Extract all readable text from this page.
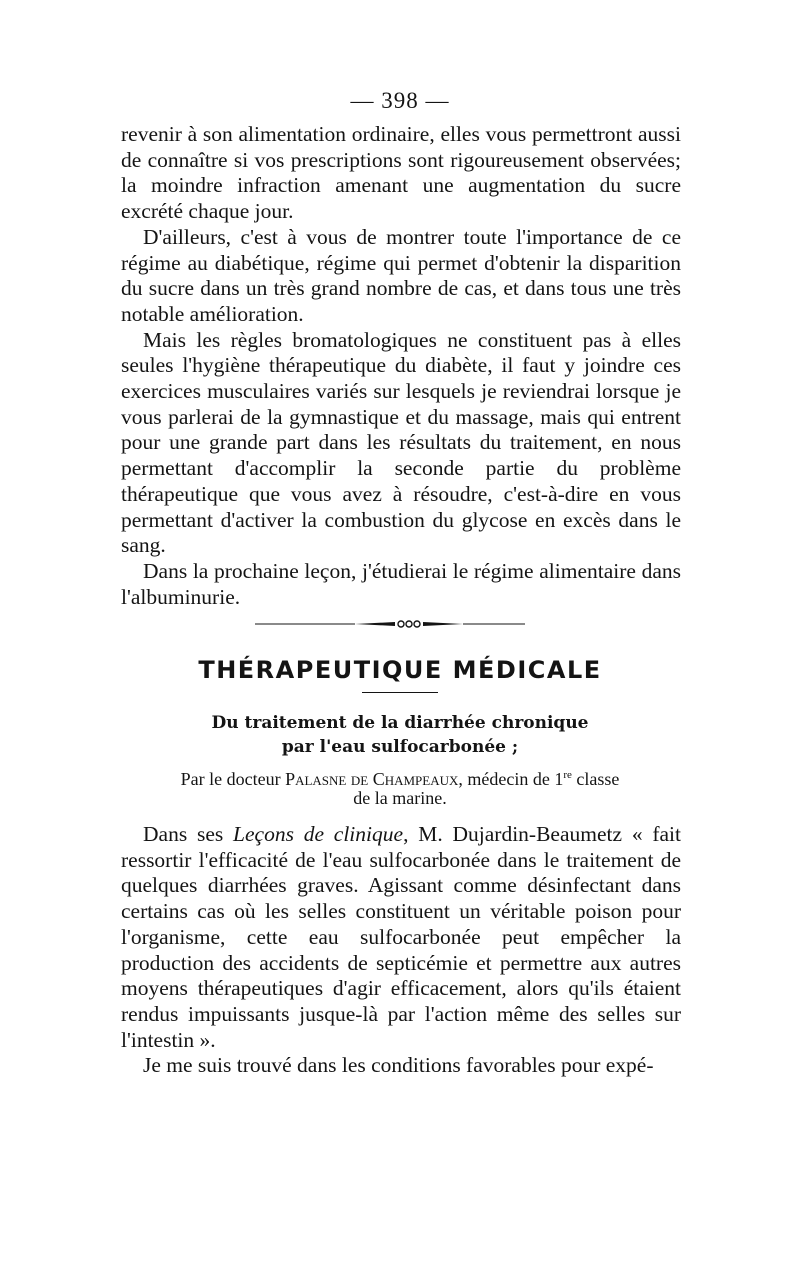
— 398 —

revenir à son alimentation ordinaire, elles vous permettront aussi de connaître si vos prescriptions sont rigoureusement observées; la moindre infraction amenant une augmentation du sucre excrété chaque jour.

D'ailleurs, c'est à vous de montrer toute l'importance de ce régime au diabétique, régime qui permet d'obtenir la disparition du sucre dans un très grand nombre de cas, et dans tous une très notable amélioration.

Mais les règles bromatologiques ne constituent pas à elles seules l'hygiène thérapeutique du diabète, il faut y joindre ces exercices musculaires variés sur lesquels je reviendrai lorsque je vous parlerai de la gymnastique et du massage, mais qui entrent pour une grande part dans les résultats du traitement, en nous permettant d'accomplir la seconde partie du problème thérapeutique que vous avez à résoudre, c'est-à-dire en vous permettant d'activer la combustion du glycose en excès dans le sang.

Dans la prochaine leçon, j'étudierai le régime alimentaire dans l'albuminurie.

THÉRAPEUTIQUE MÉDICALE
Du traitement de la diarrhée chronique
par l'eau sulfocarbonée ;
Par le docteur Palasne de Champeaux, médecin de 1re classe
de la marine.

Dans ses Leçons de clinique, M. Dujardin-Beaumetz « fait ressortir l'efficacité de l'eau sulfocarbonée dans le traitement de quelques diarrhées graves. Agissant comme désinfectant dans certains cas où les selles constituent un véritable poison pour l'organisme, cette eau sulfocarbonée peut empêcher la production des accidents de septicémie et permettre aux autres moyens thérapeutiques d'agir efficacement, alors qu'ils étaient rendus impuissants jusque-là par l'action même des selles sur l'intestin ».

Je me suis trouvé dans les conditions favorables pour expé-
